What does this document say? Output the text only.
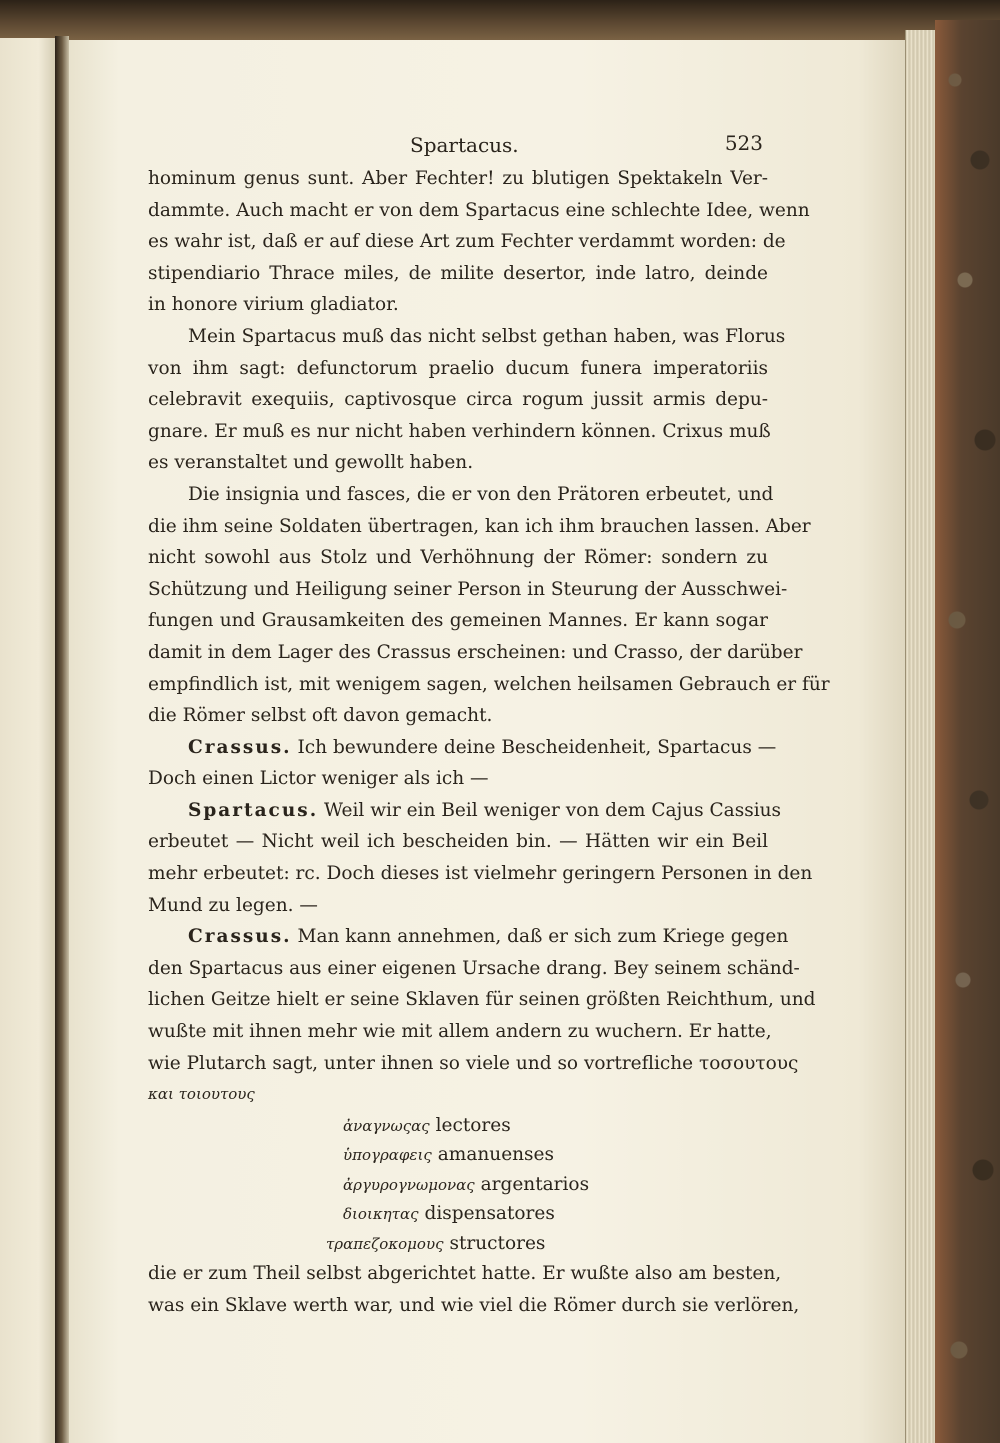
Spartacus.	523
hominum genus sunt. Aber Fechter! zu blutigen Spektakeln Ver-
dammte. Auch macht er von dem Spartacus eine schlechte Idee, wenn
es wahr ist, daß er auf diese Art zum Fechter verdammt worden: de
stipendiario Thrace miles, de milite desertor, inde latro, deinde
in honore virium gladiator.
Mein Spartacus muß das nicht selbst gethan haben, was Florus
von ihm sagt: defunctorum praelio ducum funera imperatoriis
celebravit exequiis, captivosque circa rogum jussit armis depu-
gnare. Er muß es nur nicht haben verhindern können. Crixus muß
es veranstaltet und gewollt haben.
Die insignia und fasces, die er von den Prätoren erbeutet, und
die ihm seine Soldaten übertragen, kan ich ihm brauchen lassen. Aber
nicht sowohl aus Stolz und Verhöhnung der Römer: sondern zu
Schützung und Heiligung seiner Person in Steurung der Ausschwei-
fungen und Grausamkeiten des gemeinen Mannes. Er kann sogar
damit in dem Lager des Crassus erscheinen: und Crasso, der darüber
empfindlich ist, mit wenigem sagen, welchen heilsamen Gebrauch er für
die Römer selbst oft davon gemacht.
Crassus. Ich bewundere deine Bescheidenheit, Spartacus —
Doch einen Lictor weniger als ich —
Spartacus. Weil wir ein Beil weniger von dem Cajus Cassius
erbeutet — Nicht weil ich bescheiden bin. — Hätten wir ein Beil
mehr erbeutet: rc. Doch dieses ist vielmehr geringern Personen in den
Mund zu legen. —
Crassus. Man kann annehmen, daß er sich zum Kriege gegen
den Spartacus aus einer eigenen Ursache drang. Bey seinem schänd-
lichen Geitze hielt er seine Sklaven für seinen größten Reichthum, und
wußte mit ihnen mehr wie mit allem andern zu wuchern. Er hatte,
wie Plutarch sagt, unter ihnen so viele und so vortrefliche τοσουτους
και τοιουτους
ἀναγνωςας lectores
ὑπογραφεις amanuenses
ἀργυρογνωμονας argentarios
διοικητας dispensatores
τραπεζοκομους structores
die er zum Theil selbst abgerichtet hatte. Er wußte also am besten,
was ein Sklave werth war, und wie viel die Römer durch sie verlören,
